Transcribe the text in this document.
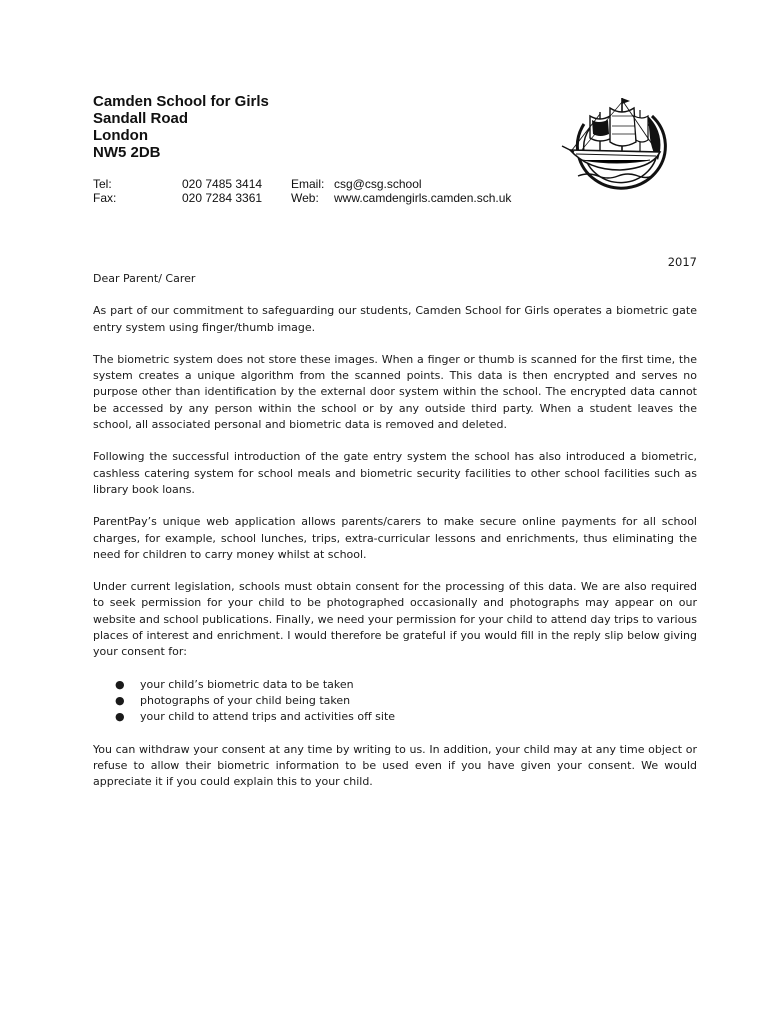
Camden School for Girls
Sandall Road
London
NW5 2DB
Tel:	020 7485 3414 Email: csg@csg.school
Fax:	020 7284 3361 Web: www.camdengirls.camden.sch.uk
2017

Dear Parent/ Carer

As part of our commitment to safeguarding our students, Camden School for Girls operates a biometric gate entry system using finger/thumb image.

The biometric system does not store these images. When a finger or thumb is scanned for the first time, the system creates a unique algorithm from the scanned points. This data is then encrypted and serves no purpose other than identification by the external door system within the school. The encrypted data cannot be accessed by any person within the school or by any outside third party. When a student leaves the school, all associated personal and biometric data is removed and deleted.

Following the successful introduction of the gate entry system the school has also introduced a biometric, cashless catering system for school meals and biometric security facilities to other school facilities such as library book loans.

ParentPay’s unique web application allows parents/carers to make secure online payments for all school charges, for example, school lunches, trips, extra-curricular lessons and enrichments, thus eliminating the need for children to carry money whilst at school.

Under current legislation, schools must obtain consent for the processing of this data. We are also required to seek permission for your child to be photographed occasionally and photographs may appear on our website and school publications. Finally, we need your permission for your child to attend day trips to various places of interest and enrichment. I would therefore be grateful if you would fill in the reply slip below giving your consent for:

● your child’s biometric data to be taken
● photographs of your child being taken
● your child to attend trips and activities off site

You can withdraw your consent at any time by writing to us. In addition, your child may at any time object or refuse to allow their biometric information to be used even if you have given your consent. We would appreciate it if you could explain this to your child.
